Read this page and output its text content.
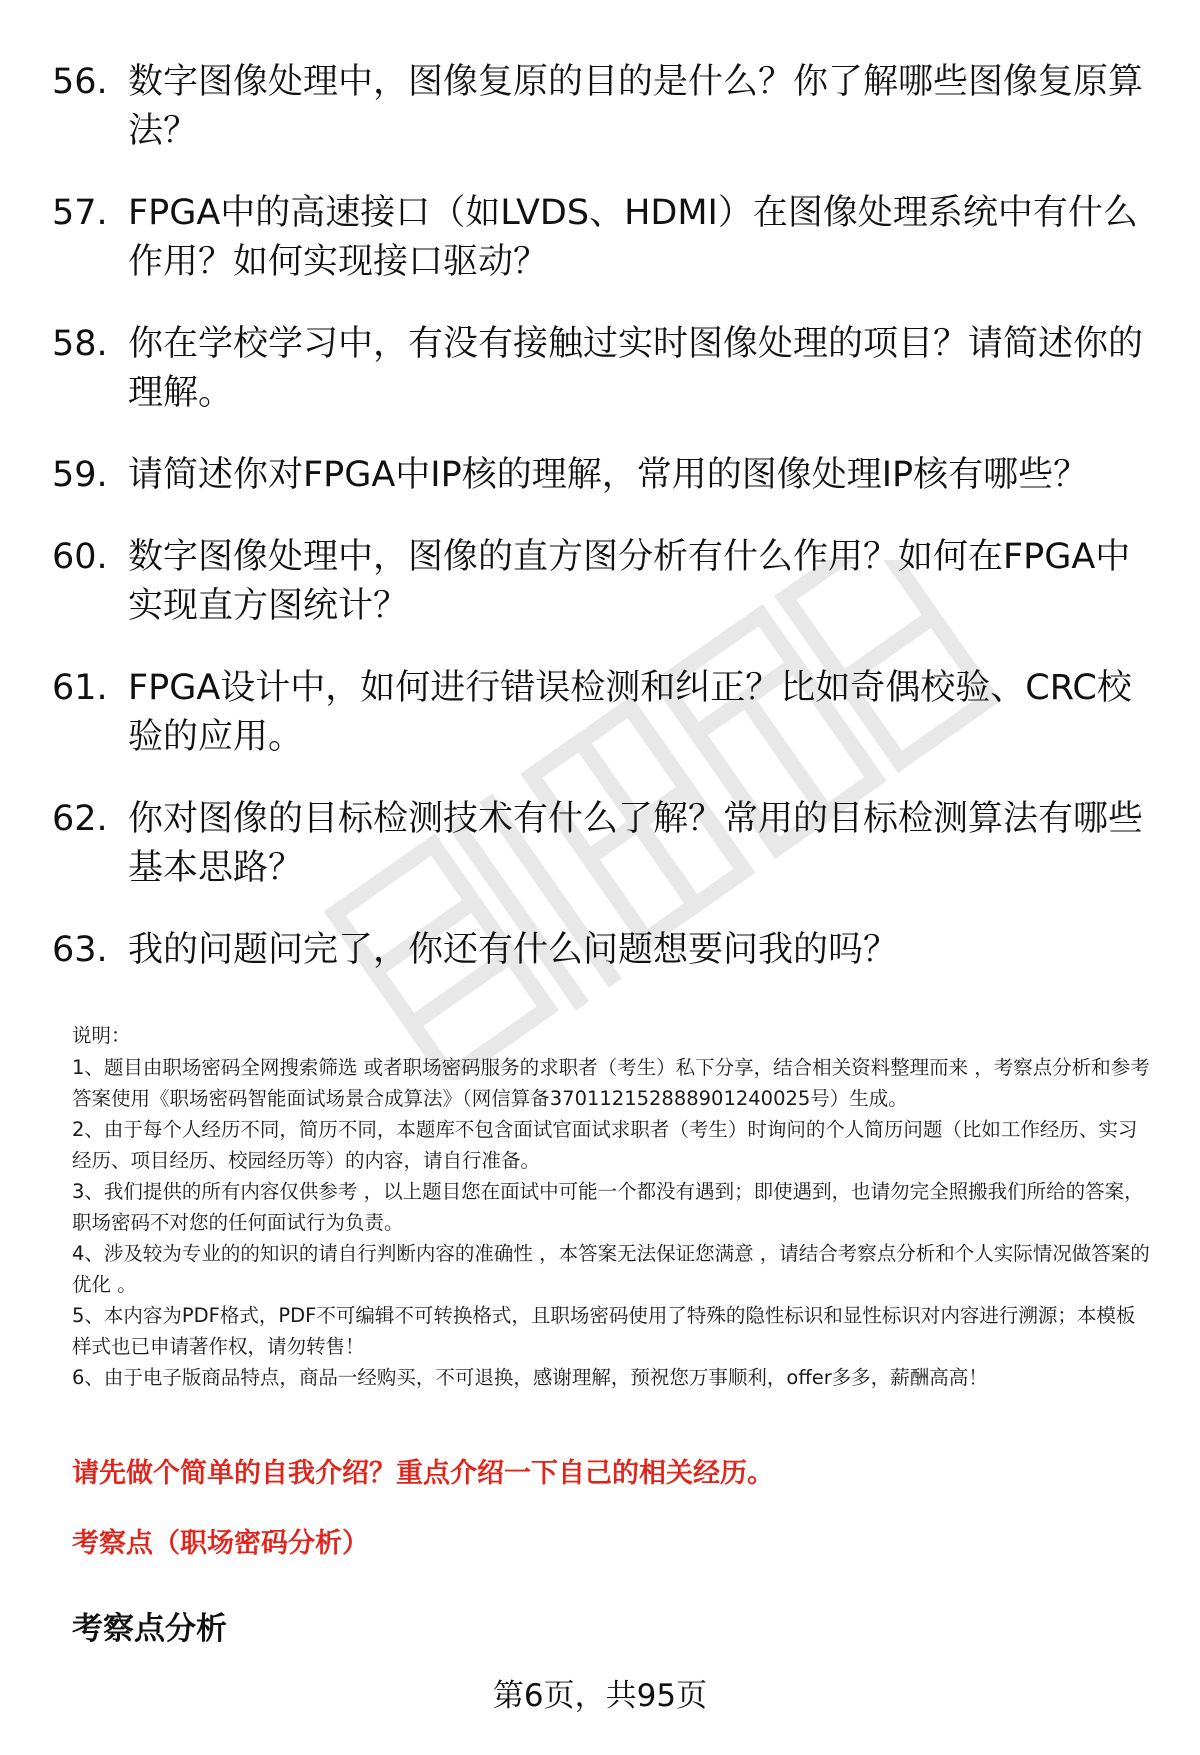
56. 数字图像处理中，图像复原的目的是什么？你了解哪些图像复原算法？
57. FPGA中的高速接口（如LVDS、HDMI）在图像处理系统中有什么作用？如何实现接口驱动？
58. 你在学校学习中，有没有接触过实时图像处理的项目？请简述你的理解。
59. 请简述你对FPGA中IP核的理解，常用的图像处理IP核有哪些？
60. 数字图像处理中，图像的直方图分析有什么作用？如何在FPGA中实现直方图统计？
61. FPGA设计中，如何进行错误检测和纠正？比如奇偶校验、CRC校验的应用。
62. 你对图像的目标检测技术有什么了解？常用的目标检测算法有哪些基本思路？
63. 我的问题问完了，你还有什么问题想要问我的吗？
说明：
1、题目由职场密码全网搜索筛选 或者职场密码服务的求职者（考生）私下分享，结合相关资料整理而来 ，考察点分析和参考答案使用《职场密码智能面试场景合成算法》（网信算备370112152888901240025号）生成。
2、由于每个人经历不同，简历不同，本题库不包含面试官面试求职者（考生）时询问的个人简历问题（比如工作经历、实习经历、项目经历、校园经历等）的内容，请自行准备。
3、我们提供的所有内容仅供参考 ，以上题目您在面试中可能一个都没有遇到；即使遇到，也请勿完全照搬我们所给的答案，职场密码不对您的任何面试行为负责。
4、涉及较为专业的的知识的请自行判断内容的准确性 ，本答案无法保证您满意 ，请结合考察点分析和个人实际情况做答案的优化 。
5、本内容为PDF格式，PDF不可编辑不可转换格式，且职场密码使用了特殊的隐性标识和显性标识对内容进行溯源；本模板样式也已申请著作权，请勿转售！
6、由于电子版商品特点，商品一经购买，不可退换，感谢理解，预祝您万事顺利，offer多多，薪酬高高！
请先做个简单的自我介绍？重点介绍一下自己的相关经历。
考察点（职场密码分析）
考察点分析
第6页，共95页
